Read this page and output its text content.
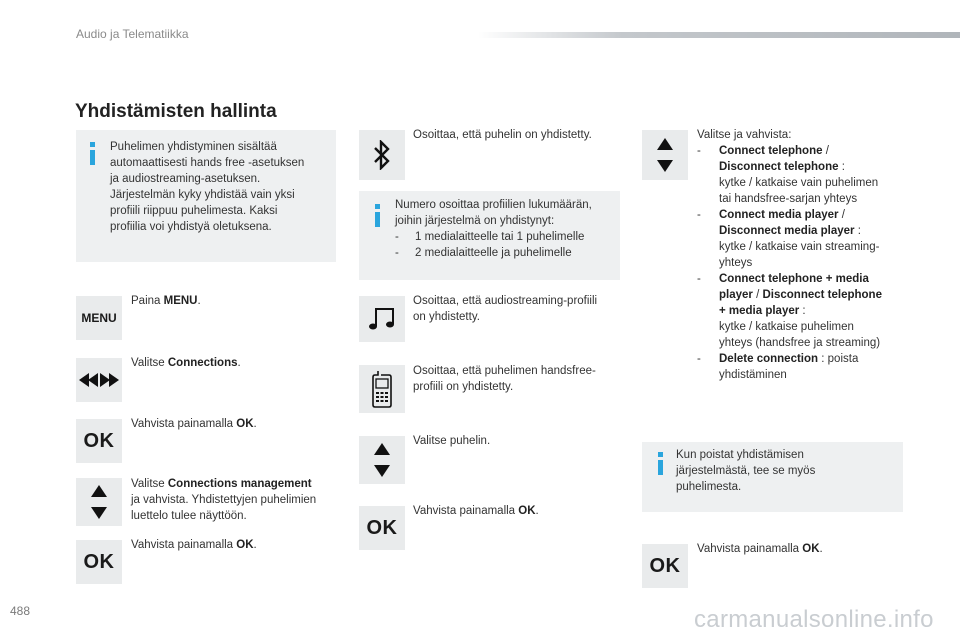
Audio ja Telematiikka
Yhdistämisten hallinta
Puhelimen yhdistyminen sisältää
automaattisesti hands free -asetuksen
ja audiostreaming-asetuksen.
Järjestelmän kyky yhdistää vain yksi
profiili riippuu puhelimesta. Kaksi
profiilia voi yhdistyä oletuksena.
MENU
OK
OK
Paina MENU.
Valitse Connections.
Vahvista painamalla OK.
Valitse Connections management
ja vahvista. Yhdistettyjen puhelimien
luettelo tulee näyttöön.
Vahvista painamalla OK.
Osoittaa, että puhelin on yhdistetty.
Numero osoittaa profiilien lukumäärän,
joihin järjestelmä on yhdistynyt:
- 1 medialaitteelle tai 1 puhelimelle
- 2 medialaitteelle ja puhelimelle
Osoittaa, että audiostreaming-profiili
on yhdistetty.
Osoittaa, että puhelimen handsfree-
profiili on yhdistetty.
Valitse puhelin.
OK
Vahvista painamalla OK.
Valitse ja vahvista:
- Connect telephone /
Disconnect telephone :
kytke / katkaise vain puhelimen
tai handsfree-sarjan yhteys
- Connect media player /
Disconnect media player :
kytke / katkaise vain streaming-
yhteys
- Connect telephone + media
player / Disconnect telephone
+ media player :
kytke / katkaise puhelimen
yhteys (handsfree ja streaming)
- Delete connection : poista
yhdistäminen
Kun poistat yhdistämisen
järjestelmästä, tee se myös
puhelimesta.
OK
Vahvista painamalla OK.
488	carmanualsonline.info
